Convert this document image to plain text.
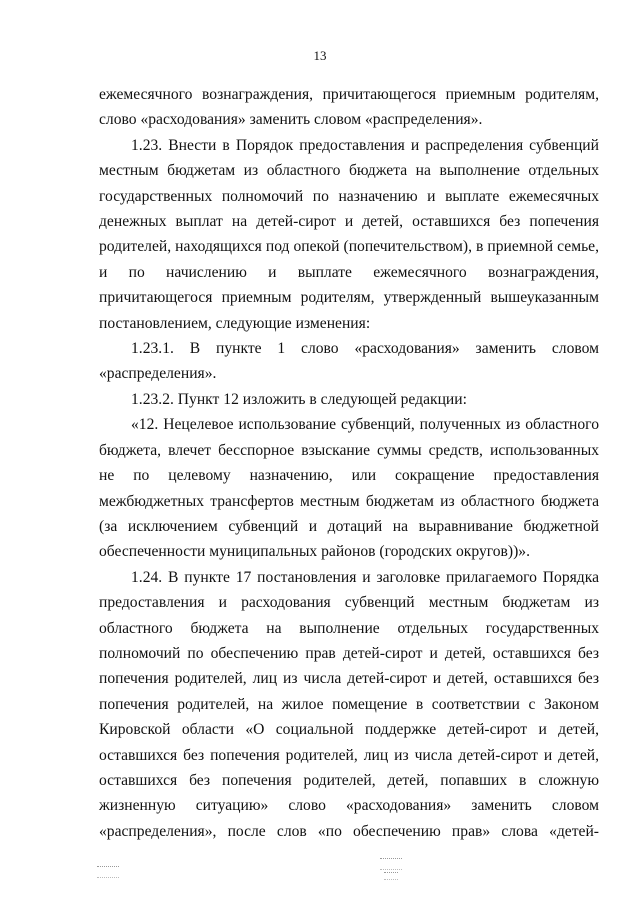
13

ежемесячного вознаграждения, причитающегося приемным родителям, слово «расходования» заменить словом «распределения».

1.23. Внести в Порядок предоставления и распределения субвенций местным бюджетам из областного бюджета на выполнение отдельных государственных полномочий по назначению и выплате ежемесячных денежных выплат на детей-сирот и детей, оставшихся без попечения родителей, находящихся под опекой (попечительством), в приемной семье, и по начислению и выплате ежемесячного вознаграждения, причитающегося приемным родителям, утвержденный вышеуказанным постановлением, следующие изменения:

1.23.1. В пункте 1 слово «расходования» заменить словом «распределения».

1.23.2. Пункт 12 изложить в следующей редакции:

«12. Нецелевое использование субвенций, полученных из областного бюджета, влечет бесспорное взыскание суммы средств, использованных не по целевому назначению, или сокращение предоставления межбюджетных трансфертов местным бюджетам из областного бюджета (за исключением субвенций и дотаций на выравнивание бюджетной обеспеченности муниципальных районов (городских округов))».

1.24. В пункте 17 постановления и заголовке прилагаемого Порядка предоставления и расходования субвенций местным бюджетам из областного бюджета на выполнение отдельных государственных полномочий по обеспечению прав детей-сирот и детей, оставшихся без попечения родителей, лиц из числа детей-сирот и детей, оставшихся без попечения родителей, на жилое помещение в соответствии с Законом Кировской области «О социальной поддержке детей-сирот и детей, оставшихся без попечения родителей, лиц из числа детей-сирот и детей, оставшихся без попечения родителей, детей, попавших в сложную жизненную ситуацию» слово «расходования» заменить словом «распределения», после слов «по обеспечению прав» слова «детей-
